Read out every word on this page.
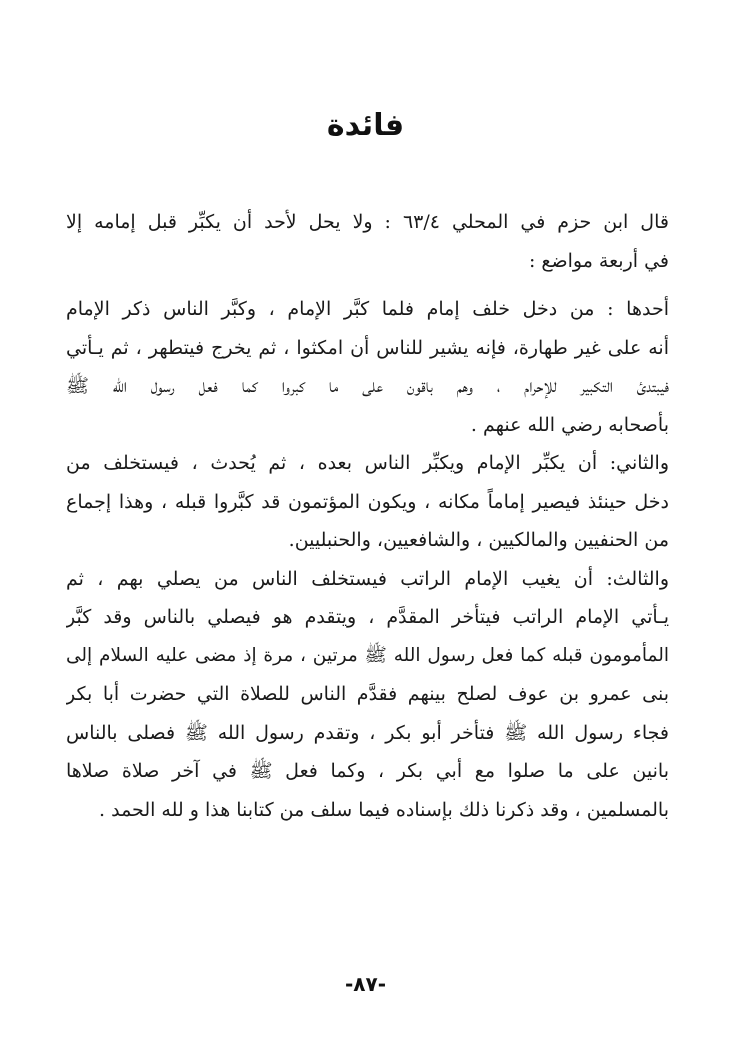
فائدة
قال ابن حزم في المحلي ٦٣/٤ : ولا يحل لأحد أن يكبِّر قبل إمامه إلا
في أربعة مواضع :
أحدها : من دخل خلف إمام فلما كبَّر الإمام ، وكبَّر الناس ذكر الإمام
أنه على غير طهارة، فإنه يشير للناس أن امكثوا ، ثم يخرج فيتطهر ، ثم يـأتي
فيبتدئ التكبير للإحرام ، وهم باقون على ما كبروا كما فعل رسول الله ﷺ
بأصحابه رضي الله عنهم .
والثاني: أن يكبِّر الإمام ويكبِّر الناس بعده ، ثم يُحدث ، فيستخلف من
دخل حينئذ فيصير إماماً مكانه ، ويكون المؤتمون قد كبَّروا قبله ، وهذا إجماع
من الحنفيين والمالكيين ، والشافعيين، والحنبليين.
والثالث: أن يغيب الإمام الراتب فيستخلف الناس من يصلي بهم ، ثم
يـأتي الإمام الراتب فيتأخر المقدَّم ، ويتقدم هو فيصلي بالناس وقد كبَّر
المأمومون قبله كما فعل رسول الله ﷺ مرتين ، مرة إذ مضى عليه السلام إلى
بنى عمرو بن عوف لصلح بينهم فقدَّم الناس للصلاة التي حضرت أبا بكر
فجاء رسول الله ﷺ فتأخر أبو بكر ، وتقدم رسول الله ﷺ فصلى بالناس
بانين على ما صلوا مع أبي بكر ، وكما فعل ﷺ في آخر صلاة صلاها
بالمسلمين ، وقد ذكرنا ذلك بإسناده فيما سلف من كتابنا هذا و لله الحمد .
-٨٧-
